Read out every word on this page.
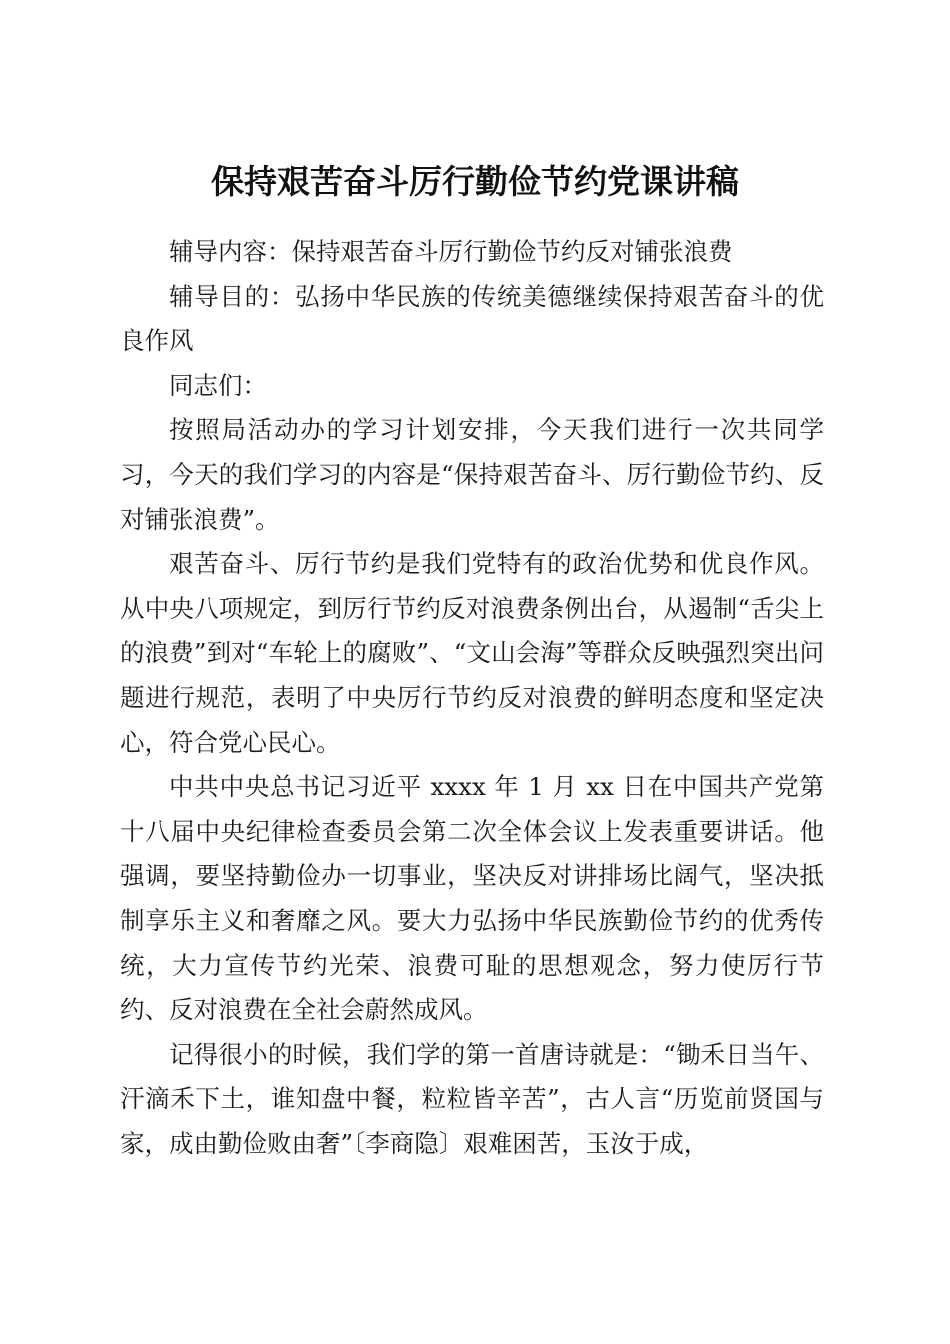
保持艰苦奋斗厉行勤俭节约党课讲稿

辅导内容：保持艰苦奋斗厉行勤俭节约反对铺张浪费

辅导目的：弘扬中华民族的传统美德继续保持艰苦奋斗的优良作风

同志们：

按照局活动办的学习计划安排，今天我们进行一次共同学习，今天的我们学习的内容是“保持艰苦奋斗、厉行勤俭节约、反对铺张浪费”。

艰苦奋斗、厉行节约是我们党特有的政治优势和优良作风。从中央八项规定，到厉行节约反对浪费条例出台，从遏制“舌尖上的浪费”到对“车轮上的腐败”、“文山会海”等群众反映强烈突出问题进行规范，表明了中央厉行节约反对浪费的鲜明态度和坚定决心，符合党心民心。

中共中央总书记习近平 xxxx 年 1 月 xx 日在中国共产党第十八届中央纪律检查委员会第二次全体会议上发表重要讲话。他强调，要坚持勤俭办一切事业，坚决反对讲排场比阔气，坚决抵制享乐主义和奢靡之风。要大力弘扬中华民族勤俭节约的优秀传统，大力宣传节约光荣、浪费可耻的思想观念，努力使厉行节约、反对浪费在全社会蔚然成风。

记得很小的时候，我们学的第一首唐诗就是：“锄禾日当午、汗滴禾下土，谁知盘中餐，粒粒皆辛苦”，古人言“历览前贤国与家，成由勤俭败由奢”〔李商隐〕艰难困苦，玉汝于成，
